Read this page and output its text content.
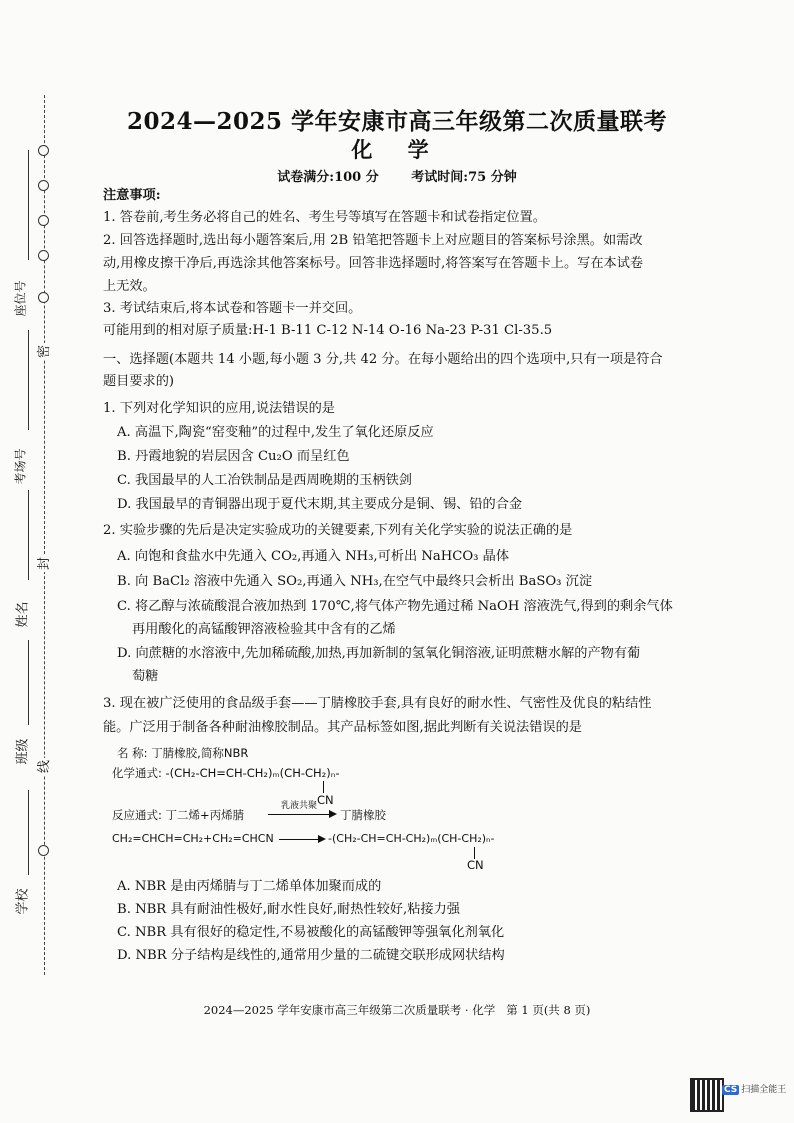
密
封
线
座位号
考场号
姓名
班级
学校
2024—2025 学年安康市高三年级第二次质量联考
化 学
试卷满分:100 分	考试时间:75 分钟
注意事项:
1. 答卷前,考生务必将自己的姓名、考生号等填写在答题卡和试卷指定位置。
2. 回答选择题时,选出每小题答案后,用 2B 铅笔把答题卡上对应题目的答案标号涂黑。如需改
动,用橡皮擦干净后,再选涂其他答案标号。回答非选择题时,将答案写在答题卡上。写在本试卷
上无效。
3. 考试结束后,将本试卷和答题卡一并交回。
可能用到的相对原子质量:H-1 B-11 C-12 N-14 O-16 Na-23 P-31 Cl-35.5
一、选择题(本题共 14 小题,每小题 3 分,共 42 分。在每小题给出的四个选项中,只有一项是符合
题目要求的)
1. 下列对化学知识的应用,说法错误的是
A. 高温下,陶瓷“窑变釉”的过程中,发生了氧化还原反应
B. 丹霞地貌的岩层因含 Cu₂O 而呈红色
C. 我国最早的人工冶铁制品是西周晚期的玉柄铁剑
D. 我国最早的青铜器出现于夏代末期,其主要成分是铜、锡、铅的合金
2. 实验步骤的先后是决定实验成功的关键要素,下列有关化学实验的说法正确的是
A. 向饱和食盐水中先通入 CO₂,再通入 NH₃,可析出 NaHCO₃ 晶体
B. 向 BaCl₂ 溶液中先通入 SO₂,再通入 NH₃,在空气中最终只会析出 BaSO₃ 沉淀
C. 将乙醇与浓硫酸混合液加热到 170℃,将气体产物先通过稀 NaOH 溶液洗气,得到的剩余气体
再用酸化的高锰酸钾溶液检验其中含有的乙烯
D. 向蔗糖的水溶液中,先加稀硫酸,加热,再加新制的氢氧化铜溶液,证明蔗糖水解的产物有葡
萄糖
3. 现在被广泛使用的食品级手套——丁腈橡胶手套,具有良好的耐水性、气密性及优良的粘结性
能。广泛用于制备各种耐油橡胶制品。其产品标签如图,据此判断有关说法错误的是
名 称: 丁腈橡胶,简称NBR
化学通式: -(CH₂-CH=CH-CH₂)ₘ(CH-CH₂)ₙ-
CN
反应通式: 丁二烯+丙烯腈
乳液共聚
丁腈橡胶
CH₂=CHCH=CH₂+CH₂=CHCN	-(CH₂-CH=CH-CH₂)ₘ(CH-CH₂)ₙ-
CN
A. NBR 是由丙烯腈与丁二烯单体加聚而成的
B. NBR 具有耐油性极好,耐水性良好,耐热性较好,粘接力强
C. NBR 具有很好的稳定性,不易被酸化的高锰酸钾等强氧化剂氧化
D. NBR 分子结构是线性的,通常用少量的二硫键交联形成网状结构
2024—2025 学年安康市高三年级第二次质量联考 · 化学 第 1 页(共 8 页)
CS 扫描全能王
